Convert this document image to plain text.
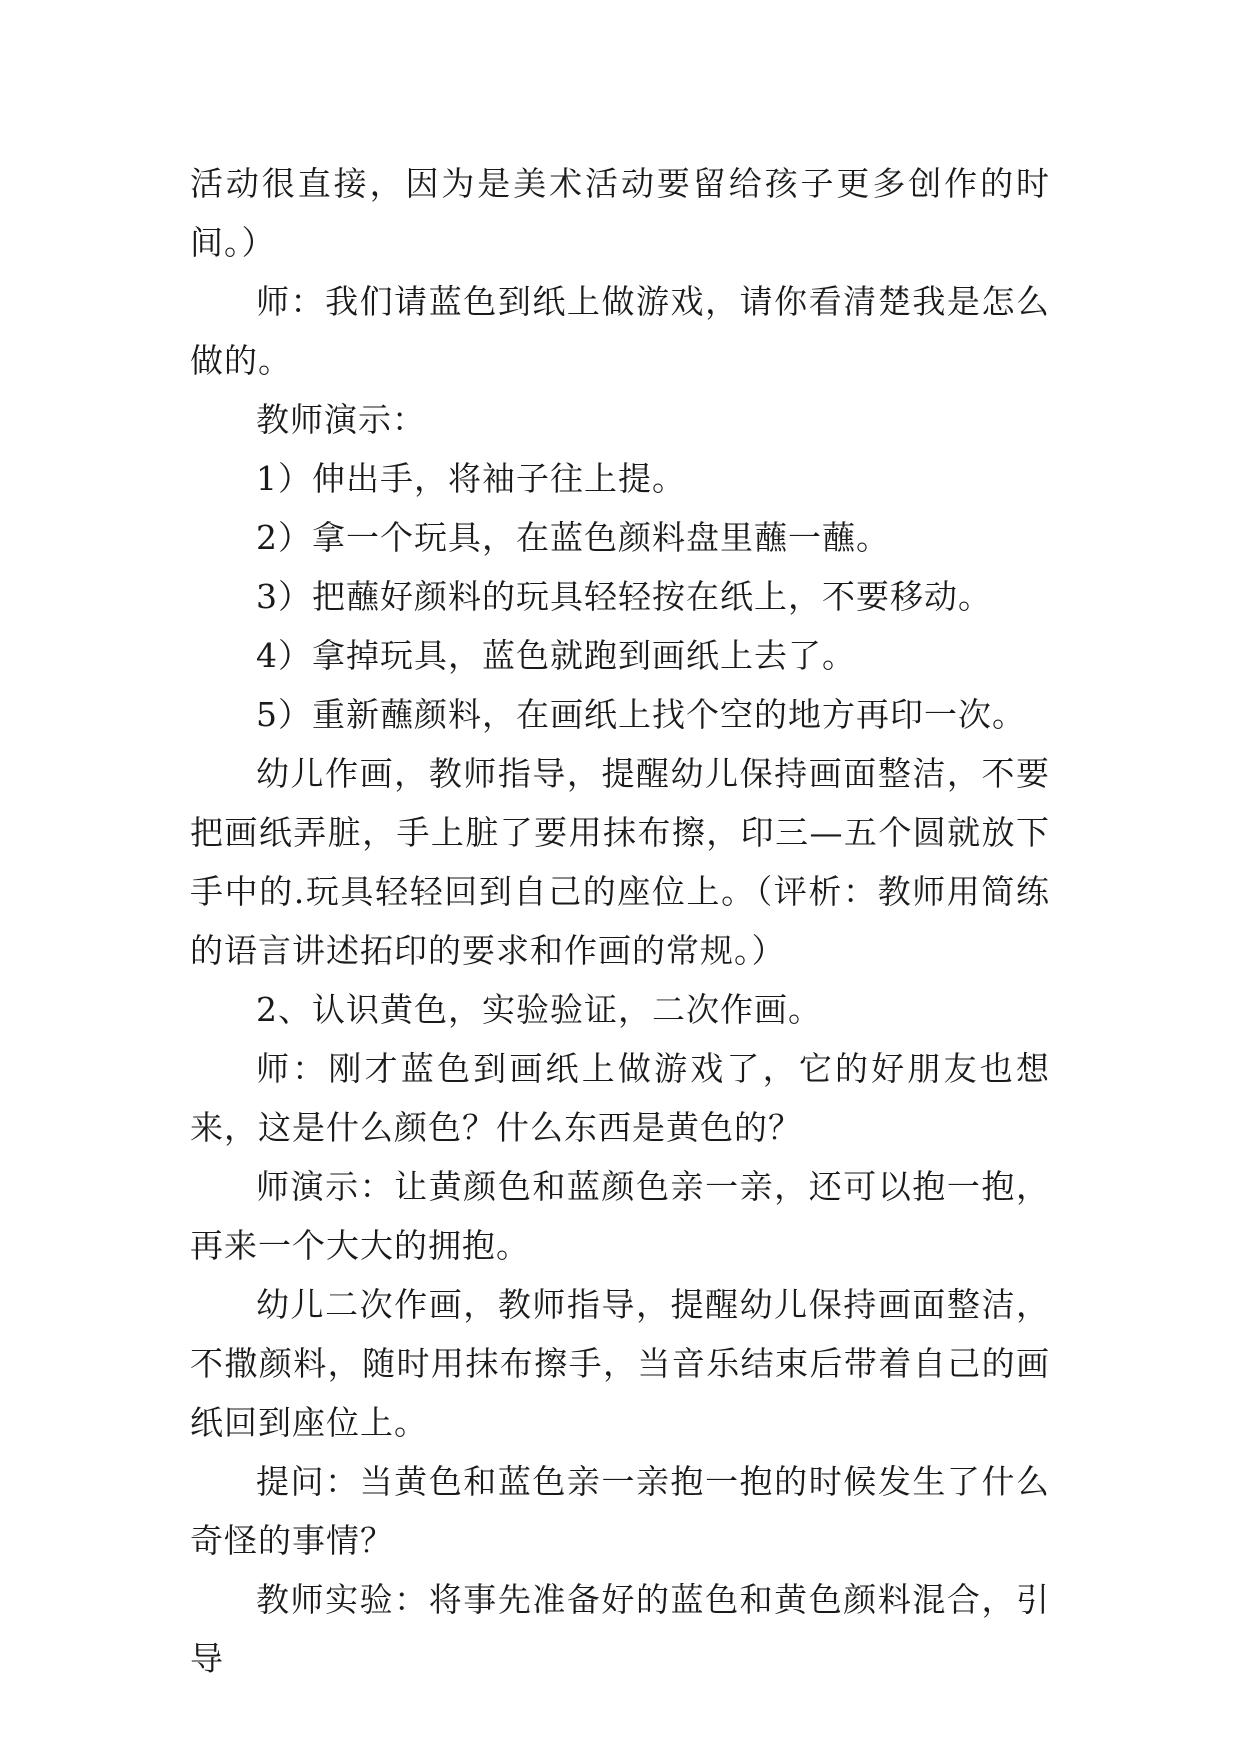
活动很直接，因为是美术活动要留给孩子更多创作的时间。）

师：我们请蓝色到纸上做游戏，请你看清楚我是怎么做的。

教师演示：

1）伸出手，将袖子往上提。

2）拿一个玩具，在蓝色颜料盘里蘸一蘸。

3）把蘸好颜料的玩具轻轻按在纸上，不要移动。

4）拿掉玩具，蓝色就跑到画纸上去了。

5）重新蘸颜料，在画纸上找个空的地方再印一次。

幼儿作画，教师指导，提醒幼儿保持画面整洁，不要把画纸弄脏，手上脏了要用抹布擦，印三—五个圆就放下手中的.玩具轻轻回到自己的座位上。（评析：教师用简练的语言讲述拓印的要求和作画的常规。）

2、认识黄色，实验验证，二次作画。

师：刚才蓝色到画纸上做游戏了，它的好朋友也想来，这是什么颜色？什么东西是黄色的？

师演示：让黄颜色和蓝颜色亲一亲，还可以抱一抱，再来一个大大的拥抱。

幼儿二次作画，教师指导，提醒幼儿保持画面整洁，不撒颜料，随时用抹布擦手，当音乐结束后带着自己的画纸回到座位上。

提问：当黄色和蓝色亲一亲抱一抱的时候发生了什么奇怪的事情？

教师实验：将事先准备好的蓝色和黄色颜料混合，引导
